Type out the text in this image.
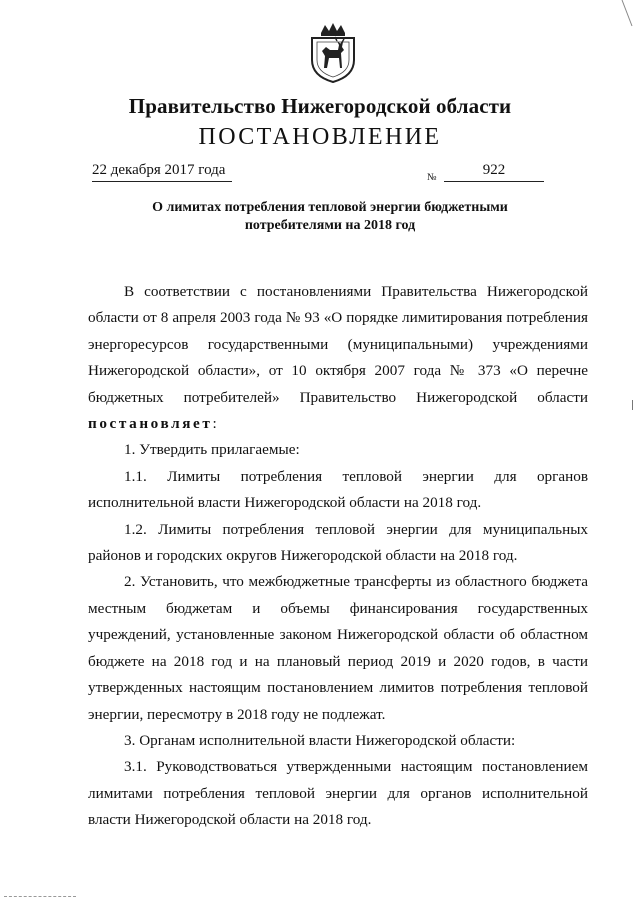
Правительство Нижегородской области
ПОСТАНОВЛЕНИЕ
22 декабря 2017 года	№	922
О лимитах потребления тепловой энергии бюджетными
потребителями на 2018 год

В соответствии с постановлениями Правительства Нижегородской области от 8 апреля 2003 года № 93 «О порядке лимитирования потребления энергоресурсов государственными (муниципальными) учреждениями Нижегородской области», от 10 октября 2007 года № 373 «О перечне бюджетных потребителей» Правительство Нижегородской области постановляет:

1. Утвердить прилагаемые:

1.1. Лимиты потребления тепловой энергии для органов исполнительной власти Нижегородской области на 2018 год.

1.2. Лимиты потребления тепловой энергии для муниципальных районов и городских округов Нижегородской области на 2018 год.

2. Установить, что межбюджетные трансферты из областного бюджета местным бюджетам и объемы финансирования государственных учреждений, установленные законом Нижегородской области об областном бюджете на 2018 год и на плановый период 2019 и 2020 годов, в части утвержденных настоящим постановлением лимитов потребления тепловой энергии, пересмотру в 2018 году не подлежат.

3. Органам исполнительной власти Нижегородской области:

3.1. Руководствоваться утвержденными настоящим постановлением лимитами потребления тепловой энергии для органов исполнительной власти Нижегородской области на 2018 год.
